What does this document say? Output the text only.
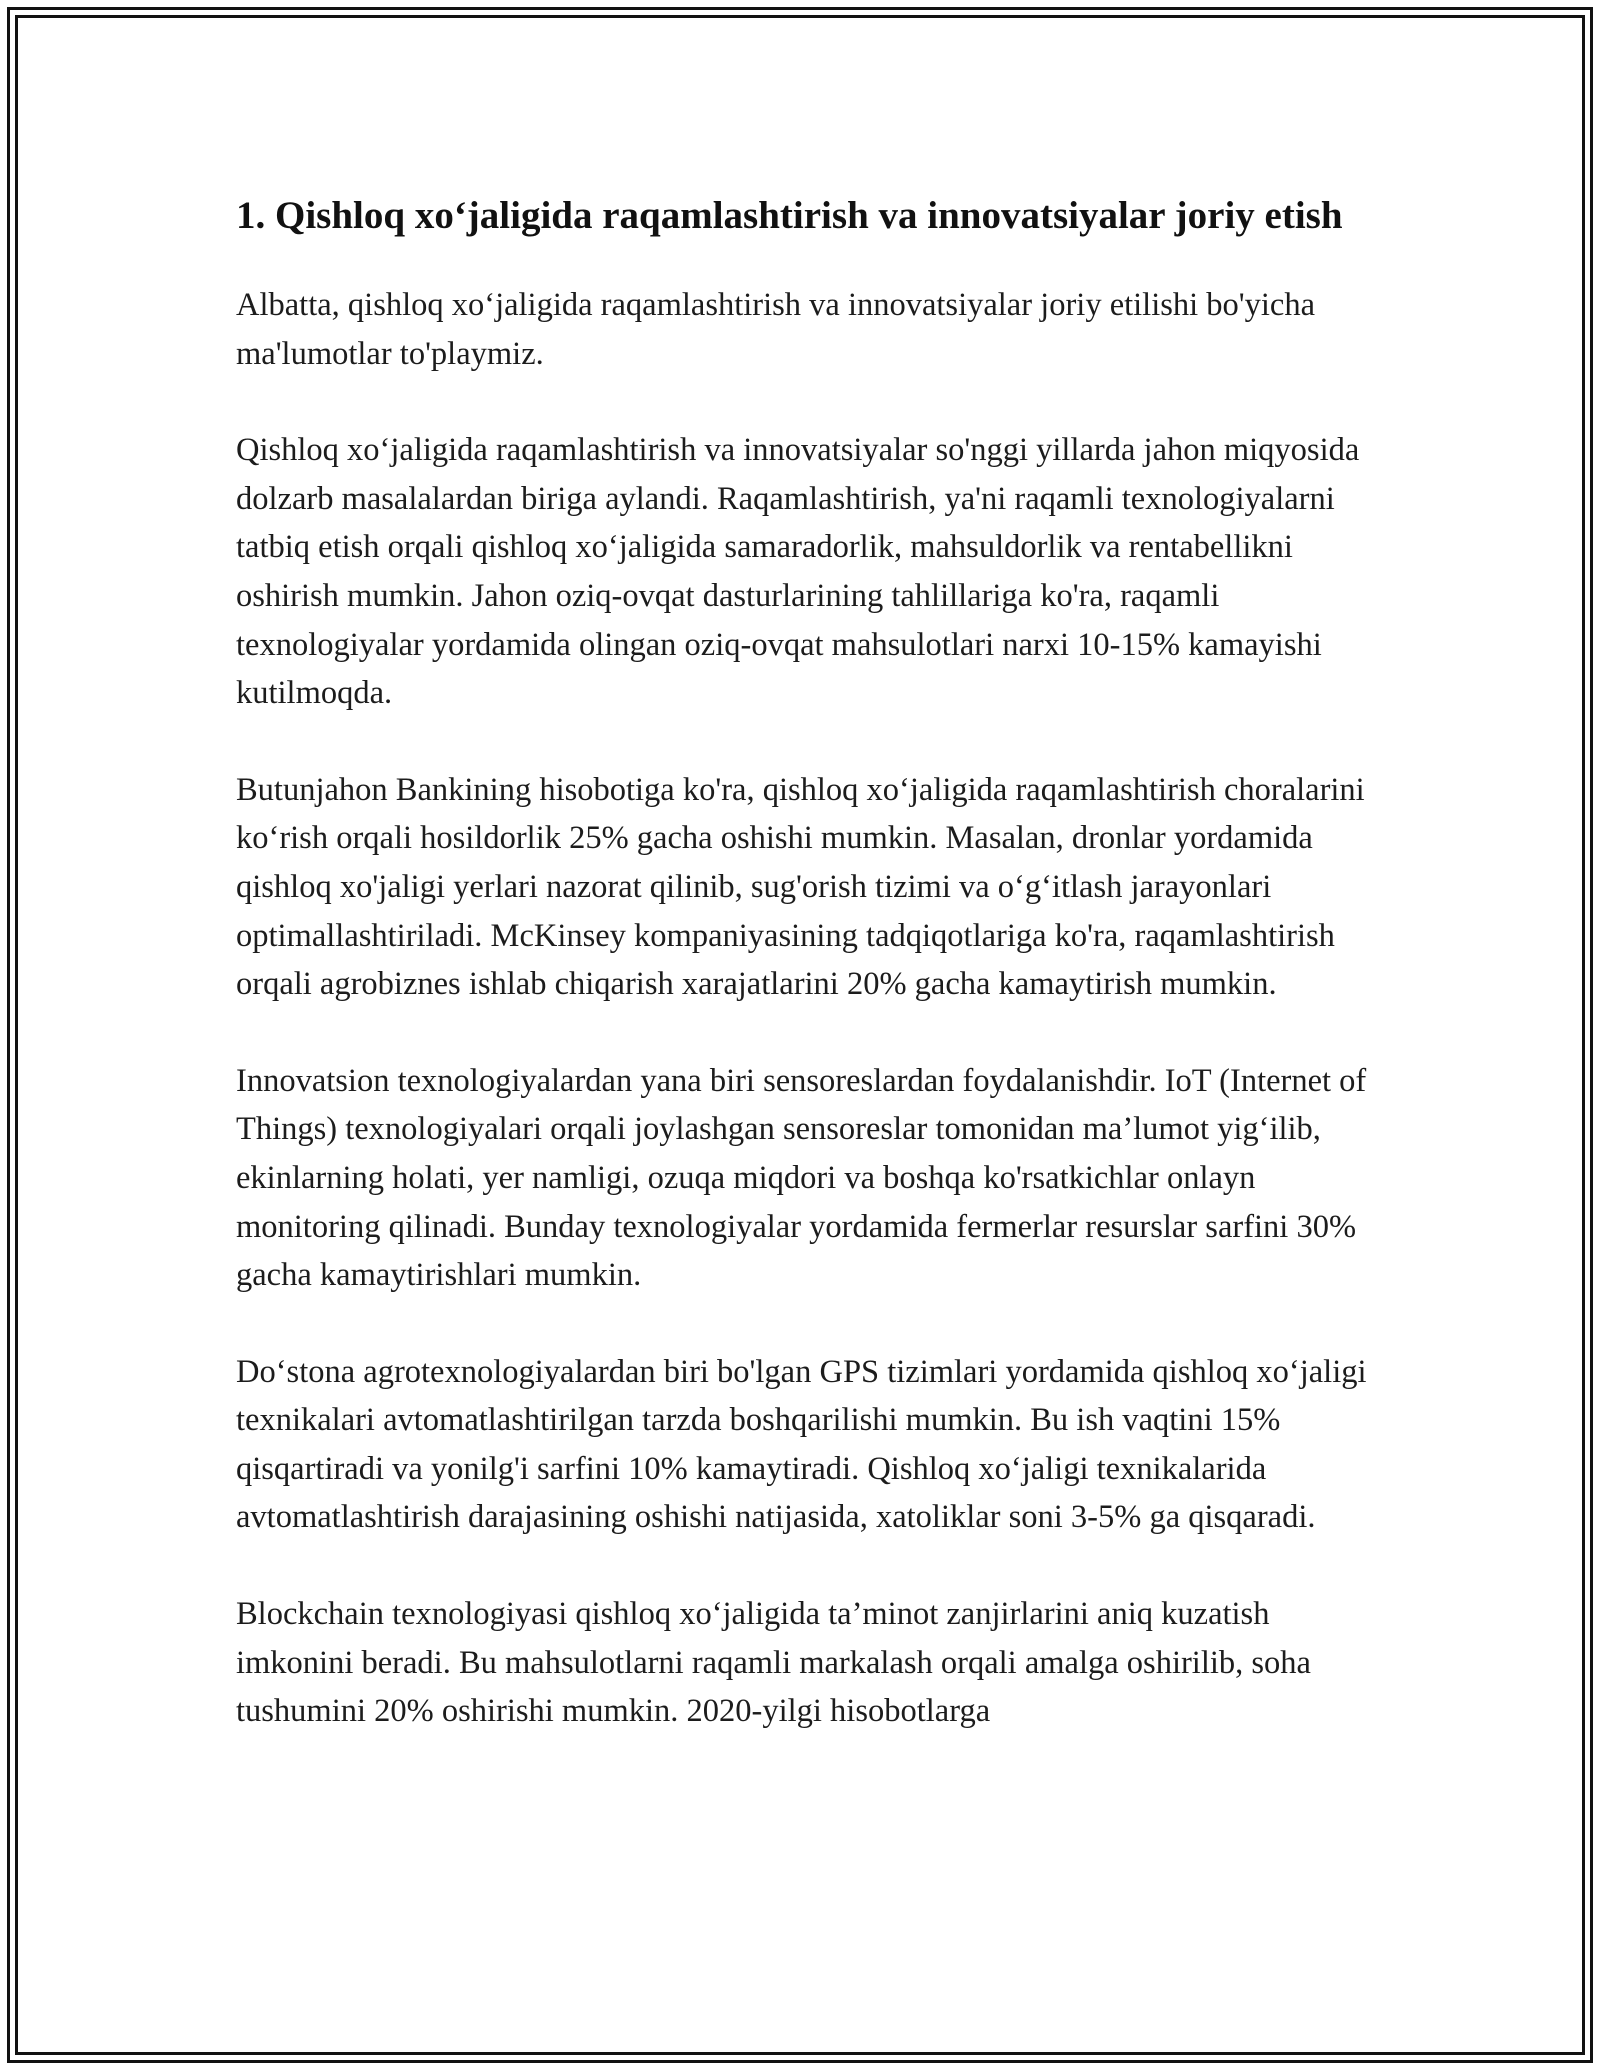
1. Qishloq xo‘jaligida raqamlashtirish va innovatsiyalar joriy etish

Albatta, qishloq xo‘jaligida raqamlashtirish va innovatsiyalar joriy etilishi bo'yicha ma'lumotlar to'playmiz.

Qishloq xo‘jaligida raqamlashtirish va innovatsiyalar so'nggi yillarda jahon miqyosida dolzarb masalalardan biriga aylandi. Raqamlashtirish, ya'ni raqamli texnologiyalarni tatbiq etish orqali qishloq xo‘jaligida samaradorlik, mahsuldorlik va rentabellikni oshirish mumkin. Jahon oziq-ovqat dasturlarining tahlillariga ko'ra, raqamli texnologiyalar yordamida olingan oziq-ovqat mahsulotlari narxi 10-15% kamayishi kutilmoqda.

Butunjahon Bankining hisobotiga ko'ra, qishloq xo‘jaligida raqamlashtirish choralarini ko‘rish orqali hosildorlik 25% gacha oshishi mumkin. Masalan, dronlar yordamida qishloq xo'jaligi yerlari nazorat qilinib, sug'orish tizimi va o‘g‘itlash jarayonlari optimallashtiriladi. McKinsey kompaniyasining tadqiqotlariga ko'ra, raqamlashtirish orqali agrobiznes ishlab chiqarish xarajatlarini 20% gacha kamaytirish mumkin.

Innovatsion texnologiyalardan yana biri sensoreslardan foydalanishdir. IoT (Internet of Things) texnologiyalari orqali joylashgan sensoreslar tomonidan ma’lumot yig‘ilib, ekinlarning holati, yer namligi, ozuqa miqdori va boshqa ko'rsatkichlar onlayn monitoring qilinadi. Bunday texnologiyalar yordamida fermerlar resurslar sarfini 30% gacha kamaytirishlari mumkin.

Do‘stona agrotexnologiyalardan biri bo'lgan GPS tizimlari yordamida qishloq xo‘jaligi texnikalari avtomatlashtirilgan tarzda boshqarilishi mumkin. Bu ish vaqtini 15% qisqartiradi va yonilg'i sarfini 10% kamaytiradi. Qishloq xo‘jaligi texnikalarida avtomatlashtirish darajasining oshishi natijasida, xatoliklar soni 3-5% ga qisqaradi.

Blockchain texnologiyasi qishloq xo‘jaligida ta’minot zanjirlarini aniq kuzatish imkonini beradi. Bu mahsulotlarni raqamli markalash orqali amalga oshirilib, soha tushumini 20% oshirishi mumkin. 2020-yilgi hisobotlarga
